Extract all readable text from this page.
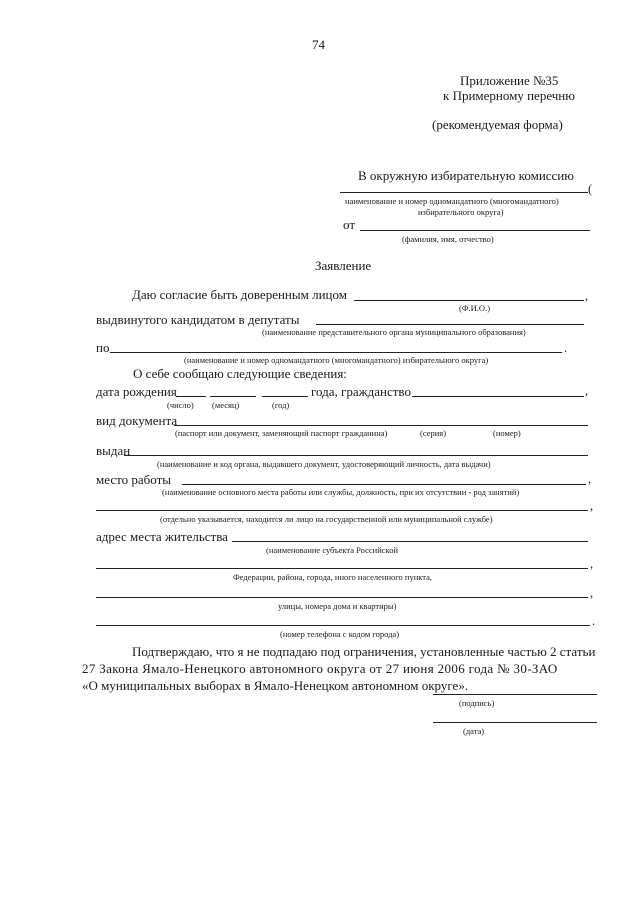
74
Приложение №35
к Примерному перечню
(рекомендуемая форма)
В окружную избирательную комиссию
(
наименование и номер одномандатного (многомандатного)
избирательного округа)
от
(фамилия, имя, отчество)
Заявление
Даю согласие быть доверенным лицом	,
(Ф.И.О.)
выдвинутого кандидатом в депутаты
(наименование представительного органа муниципального образования)
по	.
(наименование и номер одномандатного (многомандатного) избирательного округа)
О себе сообщаю следующие сведения:
дата рождения	года, гражданство	,
(число) (месяц)	(год)
вид документа
(паспорт или документ, заменяющий паспорт гражданина)	(серия)	(номер)
выдан
(наименование и код органа, выдавшего документ, удостоверяющий личность, дата выдачи)
место работы	,
(наименование основного места работы или службы, должность, при их отсутствии - род занятий)
,
(отдельно указывается, находится ли лицо на государственной или муниципальной службе)
адрес места жительства
(наименование субъекта Российской
,
Федерации, района, города, иного населенного пункта,
,
улицы, номера дома и квартиры)
.
(номер телефона с кодом города)
Подтверждаю, что я не подпадаю под ограничения, установленные частью 2 статьи
27 Закона Ямало-Ненецкого автономного округа от 27 июня 2006 года № 30-ЗАО
«О муниципальных выборах в Ямало-Ненецком автономном округе».
(подпись)
(дата)
